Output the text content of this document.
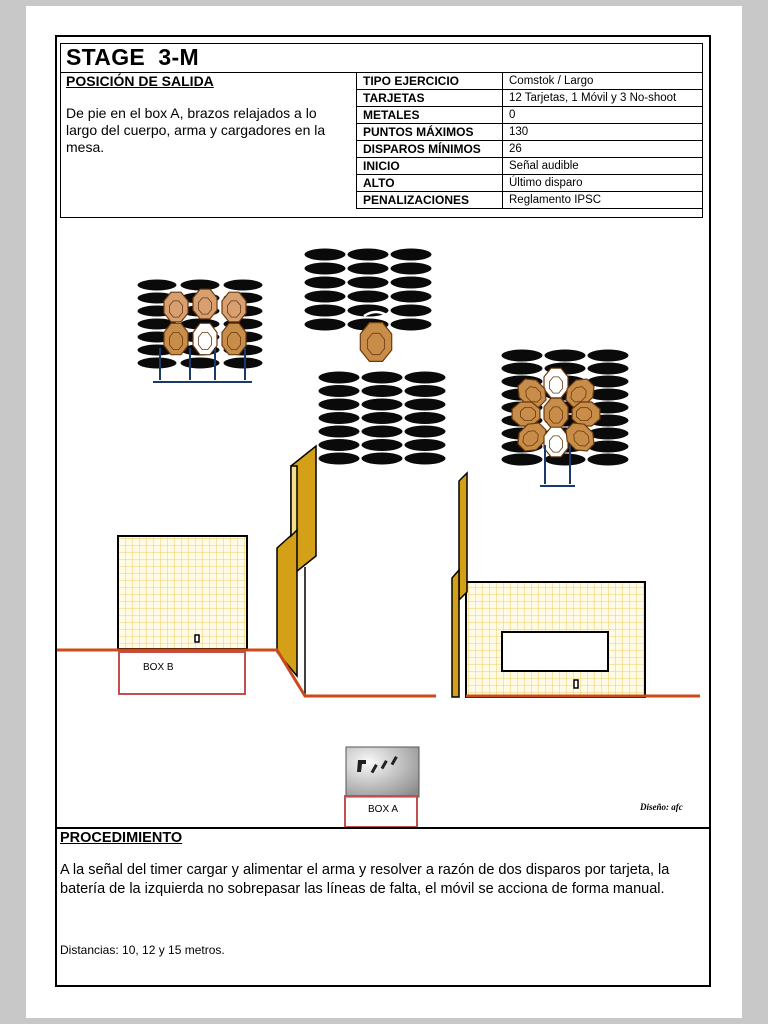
STAGE  3-M
POSICIÓN DE SALIDA
De pie en el box A, brazos relajados a lo largo del cuerpo, arma y cargadores en la mesa.
TIPO EJERCICIO	Comstok / Largo
TARJETAS	12 Tarjetas, 1 Móvil y 3 No-shoot
METALES	0
PUNTOS MÁXIMOS	130
DISPAROS MÍNIMOS	26
INICIO	Señal audible
ALTO	Último disparo
PENALIZACIONES	Reglamento IPSC
BOX B
BOX A	Diseño: afc
PROCEDIMIENTO
A la señal del timer cargar y alimentar el arma y resolver a razón de dos disparos por tarjeta, la batería de la izquierda no sobrepasar las líneas de falta, el móvil se acciona de forma manual.
Distancias: 10, 12 y 15 metros.
